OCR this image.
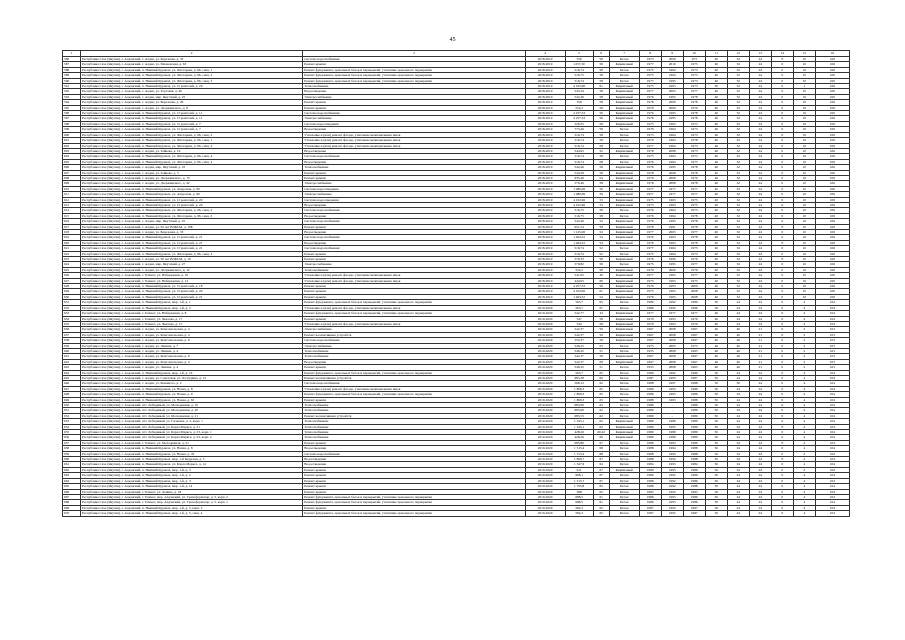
45
1	2	3	4	5	6	7	8	9	10	11	12	13	14	15	16
586	Республика Саха (Якутия), г. Алданский, г. Алдан, ул. Березовая, д. 33	Система водоснабжения	2018-2019	556	58	Бетон	1975	2009	973	40	32	24	0	10	106
587	Республика Саха (Якутия), г. Алданский, г. Алдан, ул. Пионерская, д. 63	Ремонт крыши	2018-2019	1257,30	58	Кирпичный	1977	2010	1973	40	32	24	0	10	106
588	Республика Саха (Якутия), г. Алданский, п. Нижний Куранах, ул. Флотарева, д. 66, секц. 1	Ремонт фундамента, цокольных балок и перекрытий, утепление цокольного перекрытия	2018-2019	516,74	58	Бетон	1975	1964	1973	40	32	24	0	10	106
589	Республика Саха (Якутия), г. Алданский, п. Нижний Куранах, ул. Флотарева, д. 66, секц. 2	Ремонт фундамента, цокольных балок и перекрытий, утепление цокольного перекрытия	2018-2019	516,75	58	Бетон	1975	1964	1973	40	32	24	0	10	106
590	Республика Саха (Якутия), г. Алданский, п. Нижний Куранах, ул. Флотарева, д. 66, секц. 3	Ремонт фундамента, цокольных балок и перекрытий, утепление цокольного перекрытия	2018-2019	516,74	58	Бетон	1977	1995	1973	40	32	24	0	10	106
591	Республика Саха (Якутия), г. Алданский, п. Нижний Куранах, ул. Строителей, д. 20	Теплоснабжение	2018-2019	4 102,96	61	Кирпичный	1975	1963	1973	50	32	24	0	1	106
592	Республика Саха (Якутия), г. Алданский, г. Алдан, ул. Торговая, д. 46	Водоотведение	2018-2019	543,34	58	Кирпичный	1977	2003	1977	40	32	24	0	10	106
593	Республика Саха (Якутия), г. Алданский, г. Алдан, мкр. Якутский, д. 25	Электроснабжение	2018-2019	542,46	58	Кирпичный	1976	1995	1978	40	32	24	0	10	106
594	Республика Саха (Якутия), г. Алданский, г. Алдан, ул. Березовая, д. 29	Ремонт крыши	2018-2019	558	58	Кирпичный	1978	2000	1978	40	32	24	0	10	106
595	Республика Саха (Якутия), г. Алданский, г. Алдан, ул. Дзержинского, д. 8	Ремонт крыши	2018-2019	552,2	58	Кирпичный	1979	2000	1979	40	32	24	0	10	106
596	Республика Саха (Якутия), г. Алданский, п. Нижний Куранах, ул. Строителей, д. 11	Система водоснабжения	2018-2019	4 257,33	56	Кирпичный	1976	1963	1978	40	32	24	0	10	106
597	Республика Саха (Якутия), г. Алданский, п. Нижний Куранах, ул. Строителей, д. 11	Электроснабжение	2018-2019	4 257,33	56	Кирпичный	1976	1995	1978	40	32	24	0	10	106
598	Республика Саха (Якутия), г. Алданский, п. Нижний Куранах, ул. Строителей, д. 7	Система водоотведения	2018-2019	526,55	58	Кирпичный	1975	1962	1973	40	32	24	0	10	106
599	Республика Саха (Якутия), г. Алданский, п. Нижний Куранах, ул. Строителей, д. 7	Водоотведение	2018-2019	773,46	58	Бетон	1976	1964	1973	40	32	24	0	10	106
600	Республика Саха (Якутия), г. Алданский, п. Нижний Куранах, ул. Флотарева, д. 66, секц. 3	Утепление и (или) ремонт фасада, утепление межпанельных швов	2018-2019	516,74	58	Бетон	1975	1964	1973	40	32	24	0	10	106
601	Республика Саха (Якутия), г. Алданский, п. Нижний Куранах, ул. Флотарева, д. 66, секц. 1	Утепление и (или) ремонт фасада, утепление межпанельных швов	2018-2019	516,74	58	Бетон	1976	1964	1978	40	32	24	0	10	106
602	Республика Саха (Якутия), г. Алданский, п. Нижний Куранах, ул. Флотарева, д. 66, секц. 2	Утепление и (или) ремонт фасада, утепление межпанельных швов	2018-2019	516,74	58	Бетон	1977	1964	1973	40	32	24	0	10	106
603	Республика Саха (Якутия), г. Алданский, г. Алдан, ул. Зайкова, д. 16	Водоотведение	2018-2019	544,95	52	Кирпичный	1978	2008	1973	40	32	24	0	10	106
604	Республика Саха (Якутия), г. Алданский, п. Нижний Куранах, ул. Флотарева, д. 66, секц. 4	Система водоснабжения	2018-2019	516,74	58	Бетон	1975	1964	1973	40	32	24	0	10	106
605	Республика Саха (Якутия), г. Алданский, п. Нижний Куранах, ул. Флотарева, д. 66, секц. 4	Водоотведение	2018-2019	516,74	58	Бетон	1976	1964	1973	40	32	24	0	10	106
606	Республика Саха (Якутия), г. Алданский, г. Алдан, мкр. Якутский, д. 25	Теплоснабжение	2018-2019	542,46	58	Кирпичный	1976	1995	1978	40	32	24	0	10	106
607	Республика Саха (Якутия), г. Алданский, г. Алдан, ул. Зайкова, д. 3	Ремонт крыши	2018-2019	544,58	58	Кирпичный	1978	2008	1978	40	32	24	0	10	106
608	Республика Саха (Якутия), г. Алданский, г. Алдан, ул. Дзержинского, д. 15	Ремонт крыши	2018-2019	635,46	54	Кирпичный	1979	2009	1979	40	32	24	0	10	106
609	Республика Саха (Якутия), г. Алданский, г. Алдан, ул. Дзержинского, д. 42	Электроснабжение	2018-2019	570,46	58	Кирпичный	1978	2008	1978	40	32	24	0	10	106
610	Республика Саха (Якутия), г. Алданский, п. Нижний Куранах, ул. Амурская, д. 99	Система водоотведения	2018-2019	1 080,69	59	Кирпичный	1977	1977	1977	40	32	24	0	10	106
611	Республика Саха (Якутия), г. Алданский, п. Нижний Куранах, ул. Амурская, д. 99	Электроснабжение	2018-2019	1 080,69	59	Кирпичный	1977	1977	1977	40	32	24	0	10	106
612	Республика Саха (Якутия), г. Алданский, п. Нижний Куранах, ул. Строителей, д. 20	Система водоотведения	2018-2019	4 102,96	53	Кирпичный	1975	1963	1975	40	32	24	0	10	106
613	Республика Саха (Якутия), г. Алданский, п. Нижний Куранах, ул. Строителей, д. 20	Водоотведение	2018-2019	4 102,96	53	Кирпичный	1975	1963	1975	40	32	24	0	10	106
614	Республика Саха (Якутия), г. Алданский, п. Нижний Куранах, ул. Флотарева, д. 66, секц. 2	Система водоснабжения	2018-2019	516,75	58	Бетон	1976	1964	1973	40	32	24	0	10	106
615	Республика Саха (Якутия), г. Алданский, п. Нижний Куранах, ул. Флотарева, д. 66, секц. 2	Водоотведение	2018-2019	516,75	58	Бетон	1976	1964	1978	40	32	24	0	10	106
616	Республика Саха (Якутия), г. Алданский, г. Алдан, мкр. Якутский, д. 25	Система водоснабжения	2018-2019	542,46	52	Кирпичный	1976	1995	1978	40	32	24	0	10	106
617	Республика Саха (Якутия), г. Алданский, г. Алдан, ул. 50 лет ВЛКСМ, д. 10Б	Ремонт крыши	2018-2019	651,54	58	Кирпичный	1978	1991	1978	40	32	24	0	10	106
618	Республика Саха (Якутия), г. Алданский, г. Алдан, ул. Березовая, д. 33	Водоотведение	2018-2019	1 125,06	52	Кирпичный	1977	2003	1977	40	32	24	0	10	106
619	Республика Саха (Якутия), г. Алданский, п. Нижний Куранах, ул. Строителей, д. 21	Система водоснабжения	2018-2019	1 464,52	54	Кирпичный	1976	1963	1978	40	32	24	0	10	106
620	Республика Саха (Якутия), г. Алданский, п. Нижний Куранах, ул. Строителей, д. 21	Водоотведение	2018-2019	1 464,52	54	Кирпичный	1976	1963	1978	40	32	24	0	10	106
621	Республика Саха (Якутия), г. Алданский, п. Нижний Куранах, ул. Строителей, д. 21	Система водоснабжения	2018-2019	516,74	52	Бетон	1977	1964	1973	40	32	24	0	10	106
622	Республика Саха (Якутия), г. Алданский, п. Нижний Куранах, ул. Флотарева, д. 66, секц. 4	Ремонт крыши	2018-2019	516,74	52	Бетон	1975	1964	1973	40	32	24	0	10	106
623	Республика Саха (Якутия), г. Алданский, г. Алдан, ул. 50 лет ВЛКСМ, д. 10	Ремонт крыши	2018-2019	576,33	58	Кирпичный	1976	1990	1976	40	32	24	0	10	106
624	Республика Саха (Якутия), г. Алданский, г. Алдан, мкр. Якутский, д. 27	Электроснабжение	2018-2019	579,82	58	Бетон	1975	1995	1977	40	32	24	0	10	106
625	Республика Саха (Якутия), г. Алданский, г. Алдан, ул. Дзержинского, д. 12	Теплоснабжение	2018-2019	552,2	58	Кирпичный	1979	2000	1979	40	32	24	0	10	106
626	Республика Саха (Якутия), г. Алданский, г. Томмот, ул. Набережная, д. 10	Утепление и (или) ремонт фасада, утепление межпанельных швов	2018-2019	541,95	40	Кирпичный	1977	1965	1977	40	32	24	0	10	106
627	Республика Саха (Якутия), г. Алданский, г. Томмот, ул. Набережная, д. 12	Утепление и (или) ремонт фасада, утепление межпанельных швов	2018-2019	444,05	60	Кирпичный	1975	1963	1973	40	32	24	0	10	106
628	Республика Саха (Якутия), г. Алданский, п. Нижний Куранах, ул. Строителей, д. 18	Ремонт крыши	2018-2019	4 257,33	56	Кирпичный	1976	1993	2009	40	32	24	0	10	106
629	Республика Саха (Якутия), г. Алданский, п. Нижний Куранах, ул. Строителей, д. 20	Ремонт крыши	2018-2019	4 102,96	61	Кирпичный	1975	1963	2008	40	32	24	0	10	106
630	Республика Саха (Якутия), г. Алданский, п. Нижний Куранах, ул. Строителей, д. 21	Ремонт крыши	2018-2019	1 464,52	54	Кирпичный	1976	1963	2008	40	32	24	0	10	106
631	Республика Саха (Якутия), г. Алданский, п. Нижний Куранах, мкр. 1-й, д. 1	Ремонт фундамента, цокольных балок и перекрытий, утепление цокольного перекрытия	2019-2020	563,7	65	Бетон	1980	1992	1980	50	24	24	0	4	104
632	Республика Саха (Якутия), г. Алданский, п. Нижний Куранах, мкр. 1-й, д. 2	Утепление и (или) ремонт фасада, утепление межпанельных швов	2019-2020	563,7	67	Бетон	1986	1992	1986	50	24	24	0	4	104
633	Республика Саха (Якутия), г. Алданский, г. Томмот, ул. Набережная, д. 8	Ремонт фундамента, цокольных балок и перекрытий, утепление цокольного перекрытия	2019-2020	542,77	34	Кирпичный	1977	1977	1977	40	24	24	0	4	104
634	Республика Саха (Якутия), г. Алданский, г. Томмот, ул. Чкалова, д. 17	Ремонт крыши	2019-2020	547	58	Кирпичный	1979	1993	1979	40	24	24	0	4	104
635	Республика Саха (Якутия), г. Алданский, г. Томмот, ул. Чкалова, д. 17	Утепление и (или) ремонт фасада, утепление межпанельных швов	2019-2020	542	58	Кирпичный	1979	1993	1979	40	24	24	0	4	104
636	Республика Саха (Якутия), г. Алданский, г. Алдан, ул. Комсомольская, д. 4	Электроснабжение	2019-2020	542,37	59	Кирпичный	1967	2008	1967	40	40	21	0	2	103
637	Республика Саха (Якутия), г. Алданский, г. Алдан, ул. Комсомольская, д. 4	Ремонт коллективных устройств	2019-2020	542,37	59	Кирпичный	1967	2008	1967	40	40	21	0	2	103
638	Республика Саха (Якутия), г. Алданский, г. Алдан, ул. Комсомольская, д. 6	Система водоснабжения	2019-2020	552,37	58	Кирпичный	1967	2008	1967	40	40	21	0	2	103
639	Республика Саха (Якутия), г. Алданский, г. Алдан, ул. Ленина, д. 7	Электроснабжение	2019-2020	549,25	55	Бетон	1975	2005	1975	40	40	21	0	2	103
640	Республика Саха (Якутия), г. Алданский, г. Алдан, ул. Ленина, д. 4	Теплоснабжение	2019-2020	546,32	51	Бетон	1955	2008	1963	40	40	21	0	2	103
641	Республика Саха (Якутия), г. Алданский, г. Алдан, ул. Комсомольская, д. 6	Теплоснабжение	2019-2020	542,37	58	Кирпичный	1967	2008	1967	40	40	21	0	2	103
642	Республика Саха (Якутия), г. Алданский, г. Алдан, ул. Комсомольская, д. 4	Водоотведение	2019-2020	542,37	58	Кирпичный	1967	2008	1967	40	40	21	0	2	103
643	Республика Саха (Якутия), г. Алданский, г. Алдан, ул. Ленина, д. 4	Ремонт крыши	2019-2020	546,32	51	Бетон	1955	2008	1963	40	40	21	0	2	103
644	Республика Саха (Якутия), г. Алданский, п. Нижний Куранах, мкр. 1-й, д. 16	Ремонт фундамента, цокольных балок и перекрытий, утепление цокольного перекрытия	2019-2020	563,7	65	Бетон	1980	1992	1980	50	24	24	0	4	104
645	Республика Саха (Якутия), г. Алданский, г. Алдан, ул. Советская, ул. Халтурина, д. 12	Ремонт коллективных устройств	2019-2020	685,38	60	Бетон	1987	1993	1987	50	24	24	0	4	104
646	Республика Саха (Якутия), г. Алданский, г. Алдан, ул. Кошевого, д. 2	Система водоснабжения	2019-2020	568,12	62	Бетон	1988	1997	1988	50	50	24	0	4	104
647	Республика Саха (Якутия), г. Алданский, п. Нижний Куранах, ул. Новая, д. 8	Утепление и (или) ремонт фасада, утепление межпанельных швов	2019-2020	1 808,3	65	Бетон	1986	1993	1986	50	24	24	0	4	104
648	Республика Саха (Якутия), г. Алданский, п. Нижний Куранах, ул. Новая, д. 9	Ремонт фундамента, цокольных балок и перекрытий, утепление цокольного перекрытия	2019-2020	1 808,3	65	Бетон	1986	1993	1986	50	24	24	0	4	104
649	Республика Саха (Якутия), г. Алданский, п. Нижний Куранах, ул. Новая, д. 63	Ремонт крыши	2019-2020	1 808,3	65	Бетон	1988	1993	1988	50	24	24	0	4	104
650	Республика Саха (Якутия), г. Алданский, пгт. Лебединый, ул. Молодежная, д. 10	Теплоснабжение	2019-2020	683,96	62	Бетон	1986	-	1986	50	24	24	0	4	104
651	Республика Саха (Якутия), г. Алданский, пгт. Лебединый, ул. Молодежная, д. 20	Теплоснабжение	2019-2020	683,96	62	Бетон	1986	-	1986	50	24	24	0	4	104
652	Республика Саха (Якутия), г. Алданский, пгт. Лебединый, ул. Молодежная, д. 21	Ремонт коллективных устройств	2019-2020	685,53	62	Бетон	1980	-	1980	50	24	24	0	4	104
653	Республика Саха (Якутия), г. Алданский, пгт. Лебединый, ул. Гагарина, д. 2, корп. 1	Теплоснабжение	2019-2020	1 345,1	62	Кирпичный	1989	1989	1989	50	24	24	0	4	104
654	Республика Саха (Якутия), г. Алданский, пгт. Лебединый, ул. Карла Маркса, д. 21	Теплоснабжение	2019-2020	1 345,1	62	Кирпичный	1989	1993	1989	50	24	24	0	4	104
655	Республика Саха (Якутия), г. Алданский, пгт. Лебединый, ул. Карла Маркса, д. 23, корп. 1	Теплоснабжение	2019-2020	428,26	60,22	Кирпичный	1989	1989	1989	50	24	24	0	4	104
656	Республика Саха (Якутия), г. Алданский, пгт. Лебединый, ул. Карла Маркса, д. 23, корп. 2	Теплоснабжение	2019-2020	428,26	60	Кирпичный	1989	1989	1989	50	24	24	0	4	104
657	Республика Саха (Якутия), г. Алданский, г. Томмот, ул. Молодежная, д. 21	Ремонт крыши	2019-2020	685,86	67	Бетон	1986	1993	1986	50	24	24	0	4	104
658	Республика Саха (Якутия), г. Алданский, п. Нижний Куранах, ул. Новая, д. 8	Водоотведение	2019-2020	1 315,4	68	Бетон	1988	1994	1988	50	24	24	0	4	104
659	Республика Саха (Якутия), г. Алданский, п. Нижний Куранах, ул. Новая, д. 76	Система водоснабжения	2019-2020	1 315,4	68	Бетон	1988	1993	1988	50	24	24	0	4	104
660	Республика Саха (Якутия), г. Алданский, п. Нижний Куранах, мкр. 1-й Бедрская, д. 5	Водоотведение	2019-2020	1 806,7	67	Бетон	1988	1994	1988	50	24	24	0	4	104
661	Республика Саха (Якутия), г. Алданский, п. Нижний Куранах, ул. Карла Маркса, д. 14	Водоотведение	2019-2020	1 347,9	64	Бетон	1984	1993	1984	50	24	24	0	4	104
662	Республика Саха (Якутия), г. Алданский, п. Нижний Куранах, мкр. 1-й, д. 3	Ремонт крыши	2019-2020	911	67	Кирпичный	1989	1995	1989	50	24	24	0	4	104
663	Республика Саха (Якутия), г. Алданский, п. Нижний Куранах, мкр. 1-й, д. 2	Ремонт крыши	2019-2020	908,1	67	Бетон	1986	1992	1986	50	24	24	0	4	104
664	Республика Саха (Якутия), г. Алданский, п. Нижний Куранах, мкр. 1-й, д. 3	Ремонт крыши	2019-2020	1 315,7	67	Бетон	1986	1992	1986	50	24	24	0	4	104
665	Республика Саха (Якутия), г. Алданский, п. Нижний Куранах, мкр. 1-й, д. 14	Ремонт крыши	2019-2020	1 795,8	65	Бетон	1988	1992	1988	50	24	24	0	4	104
666	Республика Саха (Якутия), г. Алданский, г. Томмот, ул. Ленина, д. 18	Ремонт крыши	2019-2020	588	65	Бетон	1985	1995	1985	50	24	24	0	4	104
667	Республика Саха (Якутия), г. Алданский, г. Томмот, мкр. Алданский, ул. Трансформатор, д. 5, корп. 2	Ремонт фундамента, цокольных балок и перекрытий, утепление цокольного перекрытия	2019-2020	688,5	61	Бетон	1986	1993	1986	50	24	24	0	4	104
668	Республика Саха (Якутия), г. Алданский, г. Томмот, мкр. Алданский, ул. Трансформатор, д. 5, корп. 1	Ремонт фундамента, цокольных балок и перекрытий, утепление цокольного перекрытия	2019-2020	688,5	61	Бетон	1986	1993	1986	50	24	24	0	4	104
669	Республика Саха (Якутия), г. Алданский, п. Нижний Куранах, мкр. 1-й, д. 5, корп. 2	Ремонт крыши	2019-2020	582,2	65	Бетон	1987	1995	1987	50	24	24	0	4	104
670	Республика Саха (Якутия), г. Алданский, п. Нижний Куранах, мкр. 1-й, д. 5, секц. 4	Ремонт фундамента, цокольных балок и перекрытий, утепление цокольного перекрытия	2019-2020	582,2	65	Бетон	1987	1995	1987	50	24	24	0	4	104
